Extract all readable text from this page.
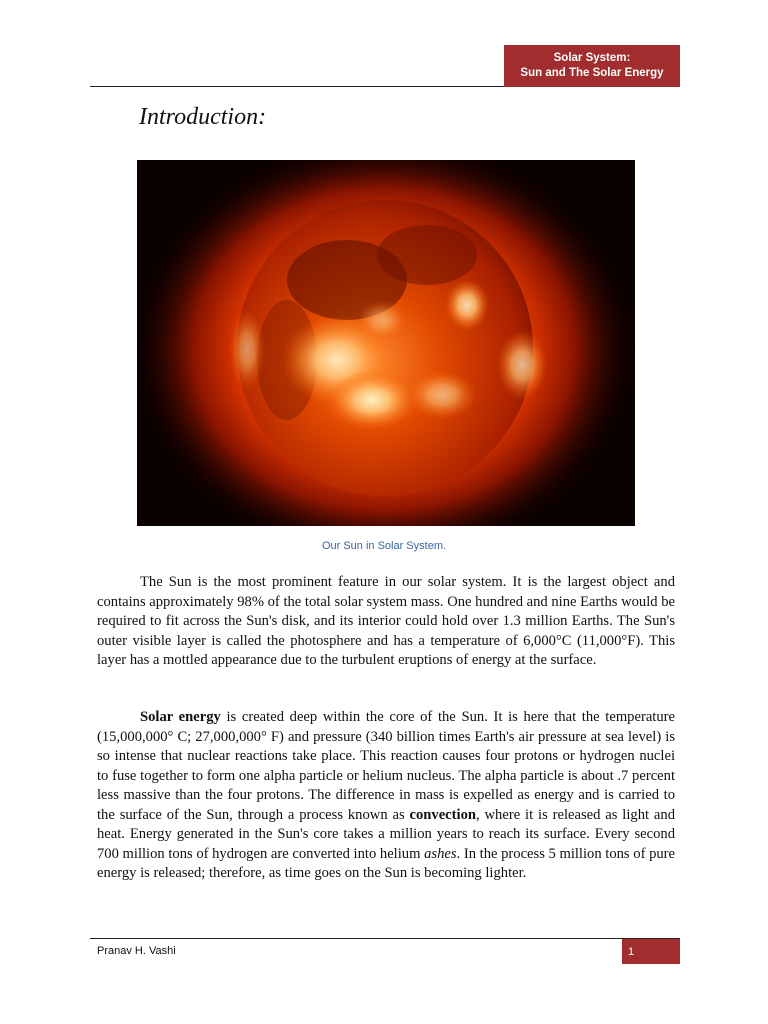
Solar System:
Sun and The Solar Energy
Introduction:
Our Sun in Solar System.

The Sun is the most prominent feature in our solar system. It is the largest object and contains approximately 98% of the total solar system mass. One hundred and nine Earths would be required to fit across the Sun's disk, and its interior could hold over 1.3 million Earths. The Sun's outer visible layer is called the photosphere and has a temperature of 6,000°C (11,000°F). This layer has a mottled appearance due to the turbulent eruptions of energy at the surface.

Solar energy is created deep within the core of the Sun. It is here that the temperature (15,000,000° C; 27,000,000° F) and pressure (340 billion times Earth's air pressure at sea level) is so intense that nuclear reactions take place. This reaction causes four protons or hydrogen nuclei to fuse together to form one alpha particle or helium nucleus. The alpha particle is about .7 percent less massive than the four protons. The difference in mass is expelled as energy and is carried to the surface of the Sun, through a process known as convection, where it is released as light and heat. Energy generated in the Sun's core takes a million years to reach its surface. Every second 700 million tons of hydrogen are converted into helium ashes. In the process 5 million tons of pure energy is released; therefore, as time goes on the Sun is becoming lighter.

Pranav H. Vashi	1
